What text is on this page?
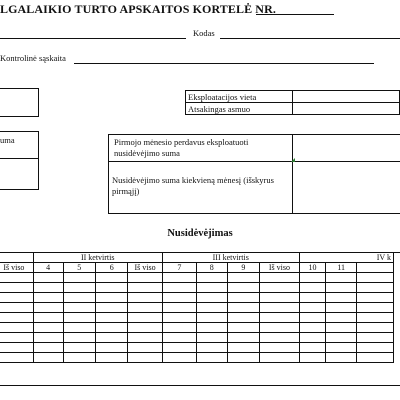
LGALAIKIO TURTO APSKAITOS KORTELĖ NR.
Kodas
Kontrolinė sąskaita
uma
Eksploatacijos vieta	
Atsakingas asmuo	
Pirmojo mėnesio perdavus eksploatuoti nusidėvėjimo suma
Nusidėvėjimo suma kiekvieną mėnesį (išskyrus pirmąjį)
Nusidėvėjimas
	II ketvirtis				III ketvirtis				IV k		
Iš viso	4	5	6	Iš viso	7	8	9	Iš viso	10	11	
